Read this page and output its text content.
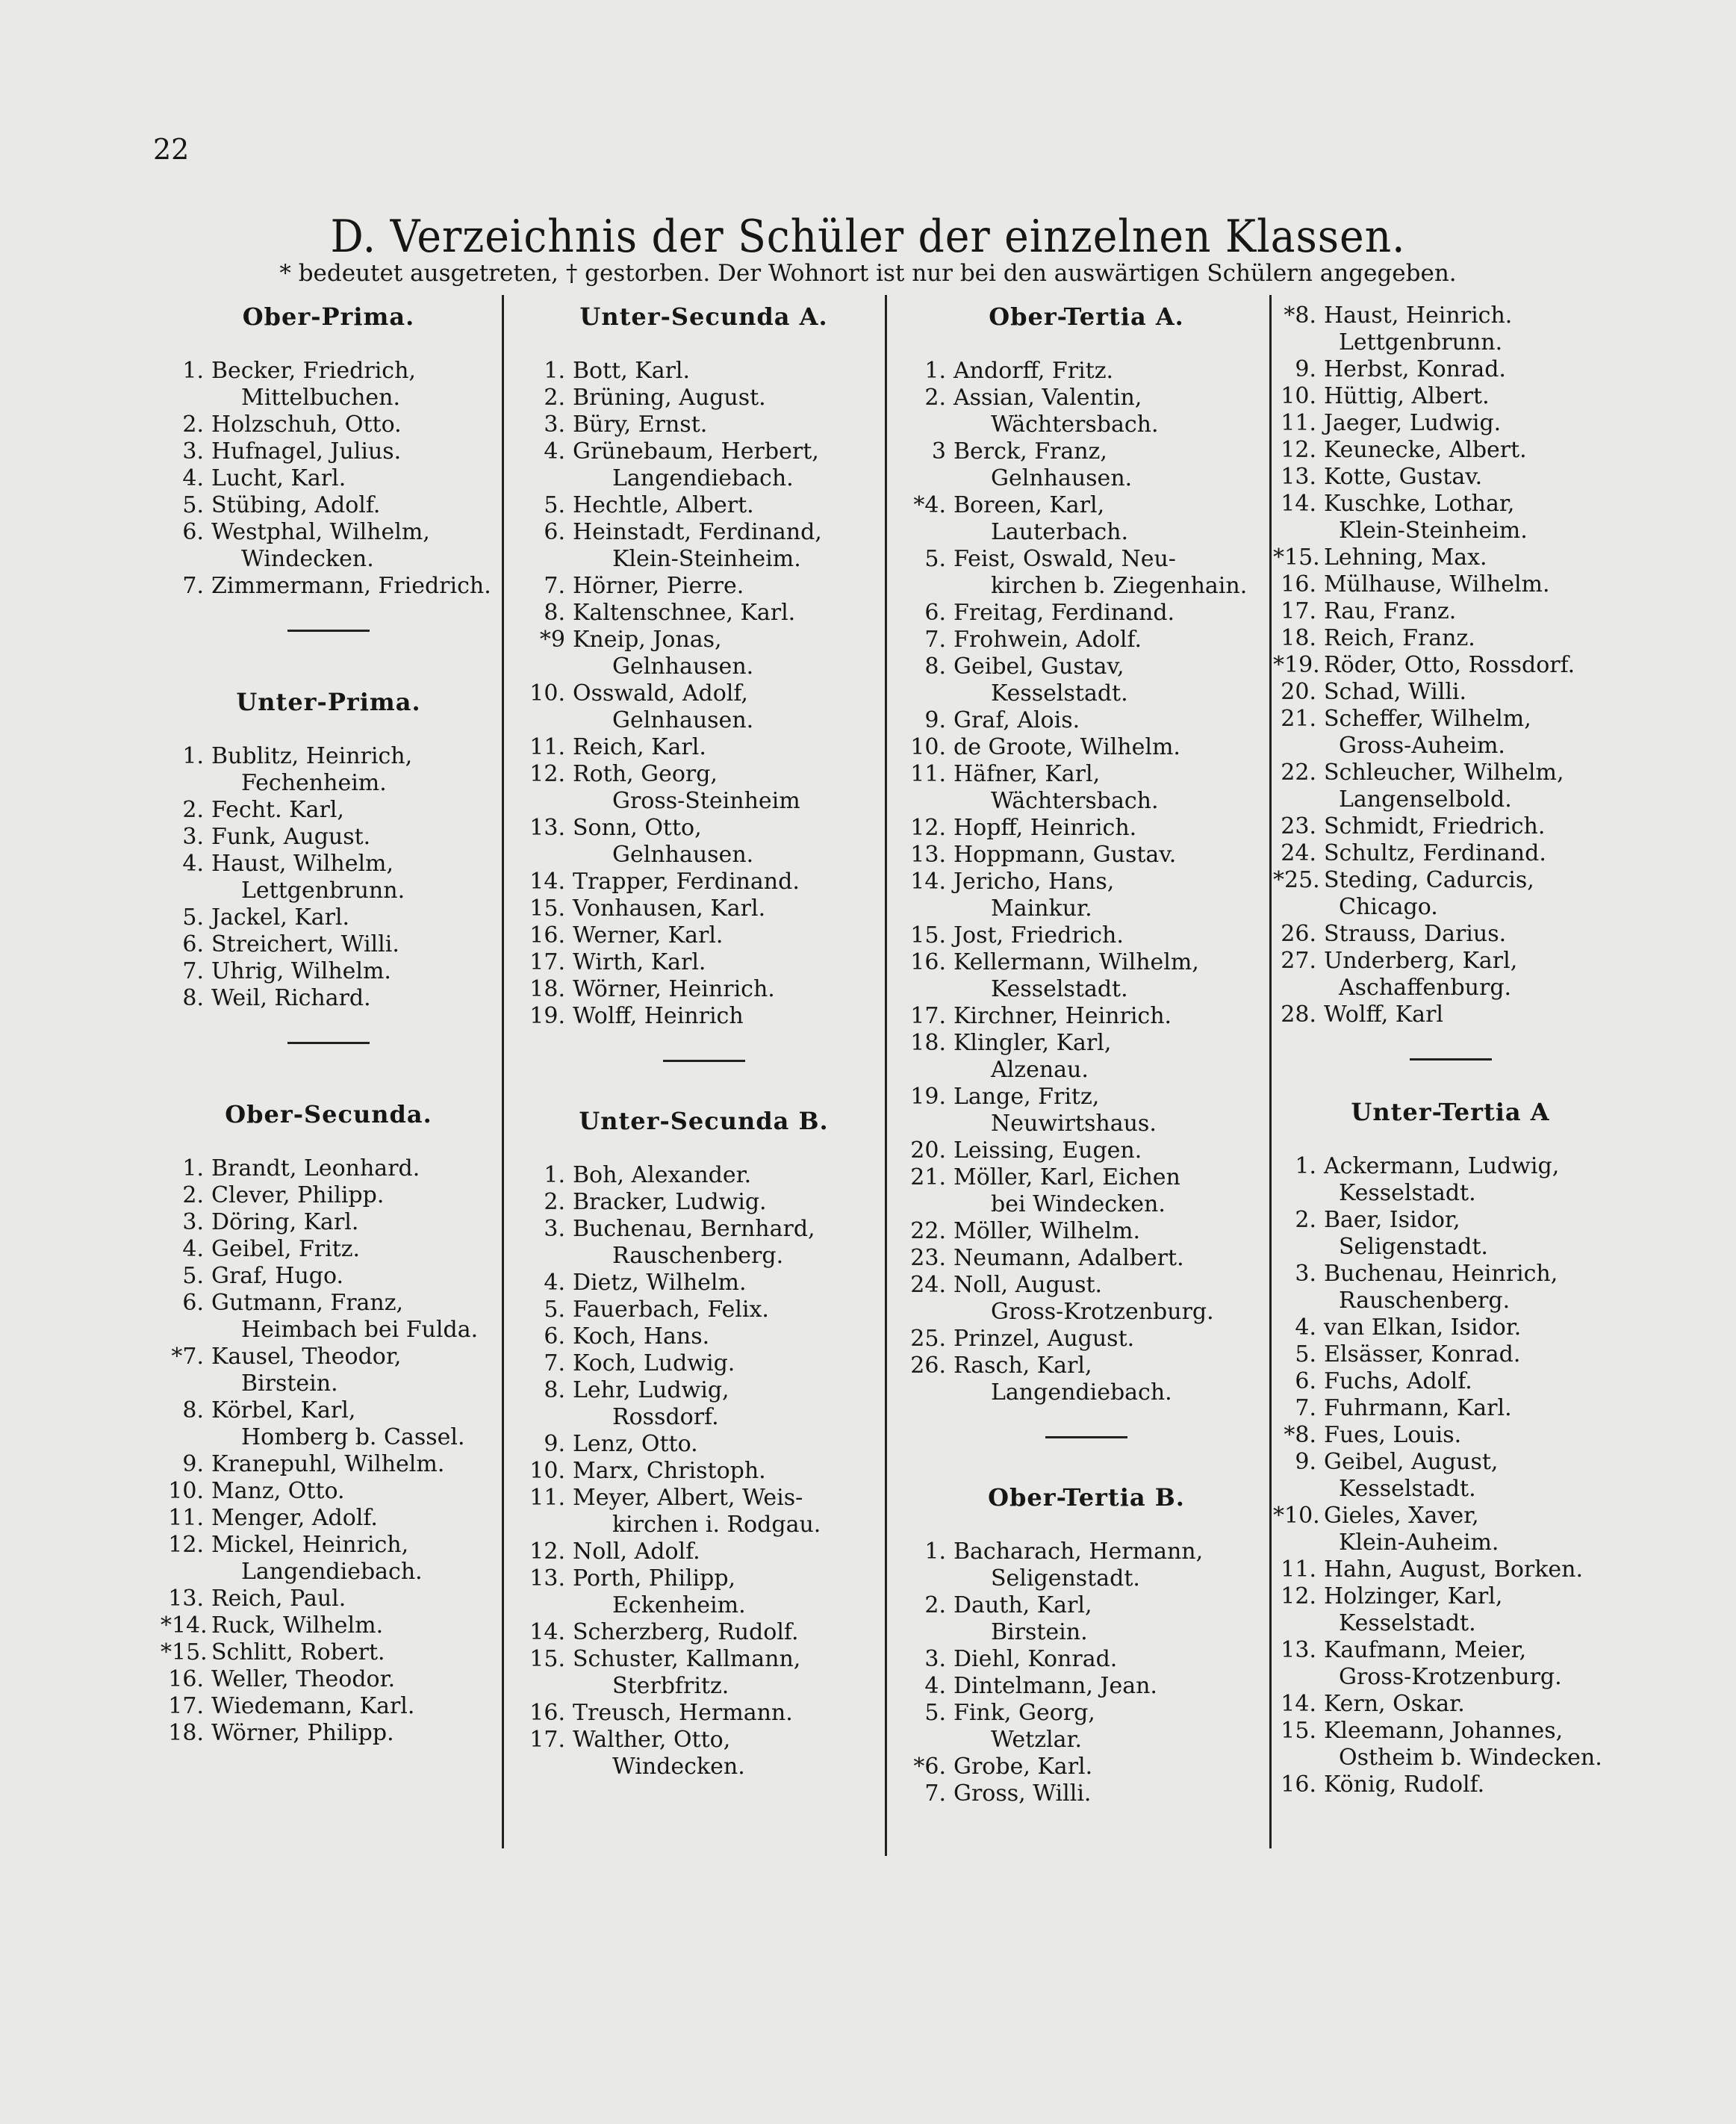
22
D. Verzeichnis der Schüler der einzelnen Klassen.
* bedeutet ausgetreten, † gestorben. Der Wohnort ist nur bei den auswärtigen Schülern angegeben.
Ober-Prima.
1. Becker, Friedrich,
Mittelbuchen.
2. Holzschuh, Otto.
3. Hufnagel, Julius.
4. Lucht, Karl.
5. Stübing, Adolf.
6. Westphal, Wilhelm,
Windecken.
7. Zimmermann, Friedrich.
Unter-Prima.
1. Bublitz, Heinrich,
Fechenheim.
2. Fecht. Karl,
3. Funk, August.
4. Haust, Wilhelm,
Lettgenbrunn.
5. Jackel, Karl.
6. Streichert, Willi.
7. Uhrig, Wilhelm.
8. Weil, Richard.
Ober-Secunda.
1. Brandt, Leonhard.
2. Clever, Philipp.
3. Döring, Karl.
4. Geibel, Fritz.
5. Graf, Hugo.
6. Gutmann, Franz,
Heimbach bei Fulda.
*7. Kausel, Theodor,
Birstein.
8. Körbel, Karl,
Homberg b. Cassel.
9. Kranepuhl, Wilhelm.
10. Manz, Otto.
11. Menger, Adolf.
12. Mickel, Heinrich,
Langendiebach.
13. Reich, Paul.
*14. Ruck, Wilhelm.
*15. Schlitt, Robert.
16. Weller, Theodor.
17. Wiedemann, Karl.
18. Wörner, Philipp.
Unter-Secunda A.
1. Bott, Karl.
2. Brüning, August.
3. Büry, Ernst.
4. Grünebaum, Herbert,
Langendiebach.
5. Hechtle, Albert.
6. Heinstadt, Ferdinand,
Klein-Steinheim.
7. Hörner, Pierre.
8. Kaltenschnee, Karl.
*9 Kneip, Jonas,
Gelnhausen.
10. Osswald, Adolf,
Gelnhausen.
11. Reich, Karl.
12. Roth, Georg,
Gross-Steinheim
13. Sonn, Otto,
Gelnhausen.
14. Trapper, Ferdinand.
15. Vonhausen, Karl.
16. Werner, Karl.
17. Wirth, Karl.
18. Wörner, Heinrich.
19. Wolff, Heinrich
Unter-Secunda B.
1. Boh, Alexander.
2. Bracker, Ludwig.
3. Buchenau, Bernhard,
Rauschenberg.
4. Dietz, Wilhelm.
5. Fauerbach, Felix.
6. Koch, Hans.
7. Koch, Ludwig.
8. Lehr, Ludwig,
Rossdorf.
9. Lenz, Otto.
10. Marx, Christoph.
11. Meyer, Albert, Weis-
kirchen i. Rodgau.
12. Noll, Adolf.
13. Porth, Philipp,
Eckenheim.
14. Scherzberg, Rudolf.
15. Schuster, Kallmann,
Sterbfritz.
16. Treusch, Hermann.
17. Walther, Otto,
Windecken.
Ober-Tertia A.
1. Andorff, Fritz.
2. Assian, Valentin,
Wächtersbach.
3 Berck, Franz,
Gelnhausen.
*4. Boreen, Karl,
Lauterbach.
5. Feist, Oswald, Neu-
kirchen b. Ziegenhain.
6. Freitag, Ferdinand.
7. Frohwein, Adolf.
8. Geibel, Gustav,
Kesselstadt.
9. Graf, Alois.
10. de Groote, Wilhelm.
11. Häfner, Karl,
Wächtersbach.
12. Hopff, Heinrich.
13. Hoppmann, Gustav.
14. Jericho, Hans,
Mainkur.
15. Jost, Friedrich.
16. Kellermann, Wilhelm,
Kesselstadt.
17. Kirchner, Heinrich.
18. Klingler, Karl,
Alzenau.
19. Lange, Fritz,
Neuwirtshaus.
20. Leissing, Eugen.
21. Möller, Karl, Eichen
bei Windecken.
22. Möller, Wilhelm.
23. Neumann, Adalbert.
24. Noll, August.
Gross-Krotzenburg.
25. Prinzel, August.
26. Rasch, Karl,
Langendiebach.
Ober-Tertia B.
1. Bacharach, Hermann,
Seligenstadt.
2. Dauth, Karl,
Birstein.
3. Diehl, Konrad.
4. Dintelmann, Jean.
5. Fink, Georg,
Wetzlar.
*6. Grobe, Karl.
7. Gross, Willi.
*8. Haust, Heinrich.
Lettgenbrunn.
9. Herbst, Konrad.
10. Hüttig, Albert.
11. Jaeger, Ludwig.
12. Keunecke, Albert.
13. Kotte, Gustav.
14. Kuschke, Lothar,
Klein-Steinheim.
*15. Lehning, Max.
16. Mülhause, Wilhelm.
17. Rau, Franz.
18. Reich, Franz.
*19. Röder, Otto, Rossdorf.
20. Schad, Willi.
21. Scheffer, Wilhelm,
Gross-Auheim.
22. Schleucher, Wilhelm,
Langenselbold.
23. Schmidt, Friedrich.
24. Schultz, Ferdinand.
*25. Steding, Cadurcis,
Chicago.
26. Strauss, Darius.
27. Underberg, Karl,
Aschaffenburg.
28. Wolff, Karl
Unter-Tertia A
1. Ackermann, Ludwig,
Kesselstadt.
2. Baer, Isidor,
Seligenstadt.
3. Buchenau, Heinrich,
Rauschenberg.
4. van Elkan, Isidor.
5. Elsässer, Konrad.
6. Fuchs, Adolf.
7. Fuhrmann, Karl.
*8. Fues, Louis.
9. Geibel, August,
Kesselstadt.
*10. Gieles, Xaver,
Klein-Auheim.
11. Hahn, August, Borken.
12. Holzinger, Karl,
Kesselstadt.
13. Kaufmann, Meier,
Gross-Krotzenburg.
14. Kern, Oskar.
15. Kleemann, Johannes,
Ostheim b. Windecken.
16. König, Rudolf.
